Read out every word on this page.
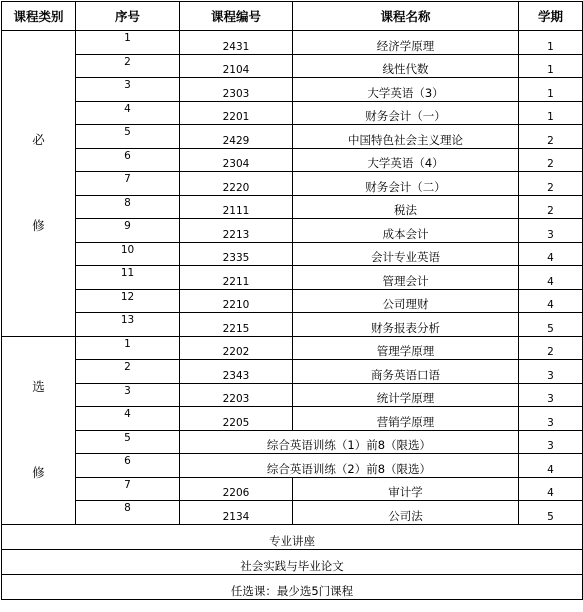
课程类别	序号	课程编号	课程名称	学期

必
修	1	2431	经济学原理	1
	2	2104	线性代数	1
	3	2303	大学英语（3）	1
	4	2201	财务会计（一）	1
	5	2429	中国特色社会主义理论	2
	6	2304	大学英语（4）	2
	7	2220	财务会计（二）	2
	8	2111	税法	2
	9	2213	成本会计	3
	10	2335	会计专业英语	4
	11	2211	管理会计	4
	12	2210	公司理财	4
	13	2215	财务报表分析	5

选
修	1	2202	管理学原理	2
	2	2343	商务英语口语	3
	3	2203	统计学原理	3
	4	2205	营销学原理	3
	5	综合英语训练（1）前8（限选）		3
	6	综合英语训练（2）前8（限选）		4
	7	2206	审计学	4
	8	2134	公司法	5
专业讲座				
社会实践与毕业论文				
任选课：最少选5门课程				
